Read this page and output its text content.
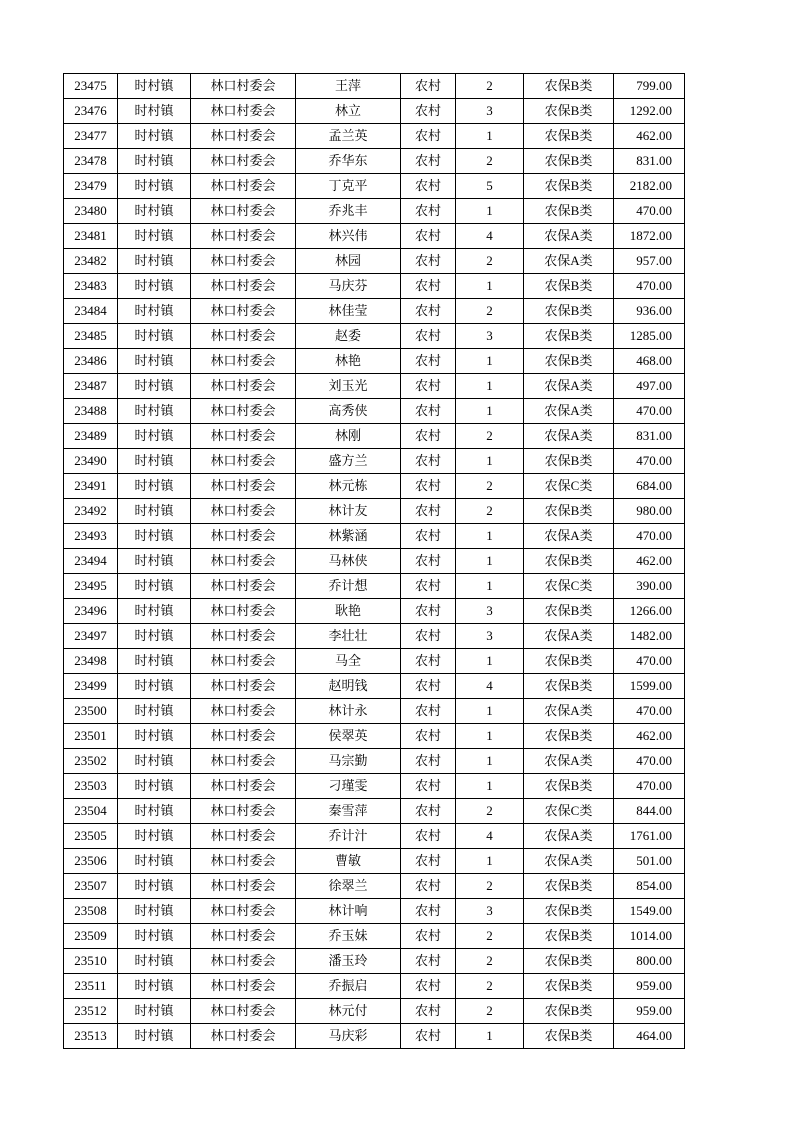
23475	时村镇	林口村委会	王萍	农村	2	农保B类	799.00
23476	时村镇	林口村委会	林立	农村	3	农保B类	1292.00
23477	时村镇	林口村委会	孟兰英	农村	1	农保B类	462.00
23478	时村镇	林口村委会	乔华东	农村	2	农保B类	831.00
23479	时村镇	林口村委会	丁克平	农村	5	农保B类	2182.00
23480	时村镇	林口村委会	乔兆丰	农村	1	农保B类	470.00
23481	时村镇	林口村委会	林兴伟	农村	4	农保A类	1872.00
23482	时村镇	林口村委会	林园	农村	2	农保A类	957.00
23483	时村镇	林口村委会	马庆芬	农村	1	农保B类	470.00
23484	时村镇	林口村委会	林佳莹	农村	2	农保B类	936.00
23485	时村镇	林口村委会	赵委	农村	3	农保B类	1285.00
23486	时村镇	林口村委会	林艳	农村	1	农保B类	468.00
23487	时村镇	林口村委会	刘玉光	农村	1	农保A类	497.00
23488	时村镇	林口村委会	高秀侠	农村	1	农保A类	470.00
23489	时村镇	林口村委会	林刚	农村	2	农保A类	831.00
23490	时村镇	林口村委会	盛方兰	农村	1	农保B类	470.00
23491	时村镇	林口村委会	林元栋	农村	2	农保C类	684.00
23492	时村镇	林口村委会	林计友	农村	2	农保B类	980.00
23493	时村镇	林口村委会	林紫涵	农村	1	农保A类	470.00
23494	时村镇	林口村委会	马林侠	农村	1	农保B类	462.00
23495	时村镇	林口村委会	乔计想	农村	1	农保C类	390.00
23496	时村镇	林口村委会	耿艳	农村	3	农保B类	1266.00
23497	时村镇	林口村委会	李壮壮	农村	3	农保A类	1482.00
23498	时村镇	林口村委会	马全	农村	1	农保B类	470.00
23499	时村镇	林口村委会	赵明钱	农村	4	农保B类	1599.00
23500	时村镇	林口村委会	林计永	农村	1	农保A类	470.00
23501	时村镇	林口村委会	侯翠英	农村	1	农保B类	462.00
23502	时村镇	林口村委会	马宗勤	农村	1	农保A类	470.00
23503	时村镇	林口村委会	刁瑾雯	农村	1	农保B类	470.00
23504	时村镇	林口村委会	秦雪萍	农村	2	农保C类	844.00
23505	时村镇	林口村委会	乔计汁	农村	4	农保A类	1761.00
23506	时村镇	林口村委会	曹敏	农村	1	农保A类	501.00
23507	时村镇	林口村委会	徐翠兰	农村	2	农保B类	854.00
23508	时村镇	林口村委会	林计响	农村	3	农保B类	1549.00
23509	时村镇	林口村委会	乔玉妹	农村	2	农保B类	1014.00
23510	时村镇	林口村委会	潘玉玲	农村	2	农保B类	800.00
23511	时村镇	林口村委会	乔振启	农村	2	农保B类	959.00
23512	时村镇	林口村委会	林元付	农村	2	农保B类	959.00
23513	时村镇	林口村委会	马庆彩	农村	1	农保B类	464.00
